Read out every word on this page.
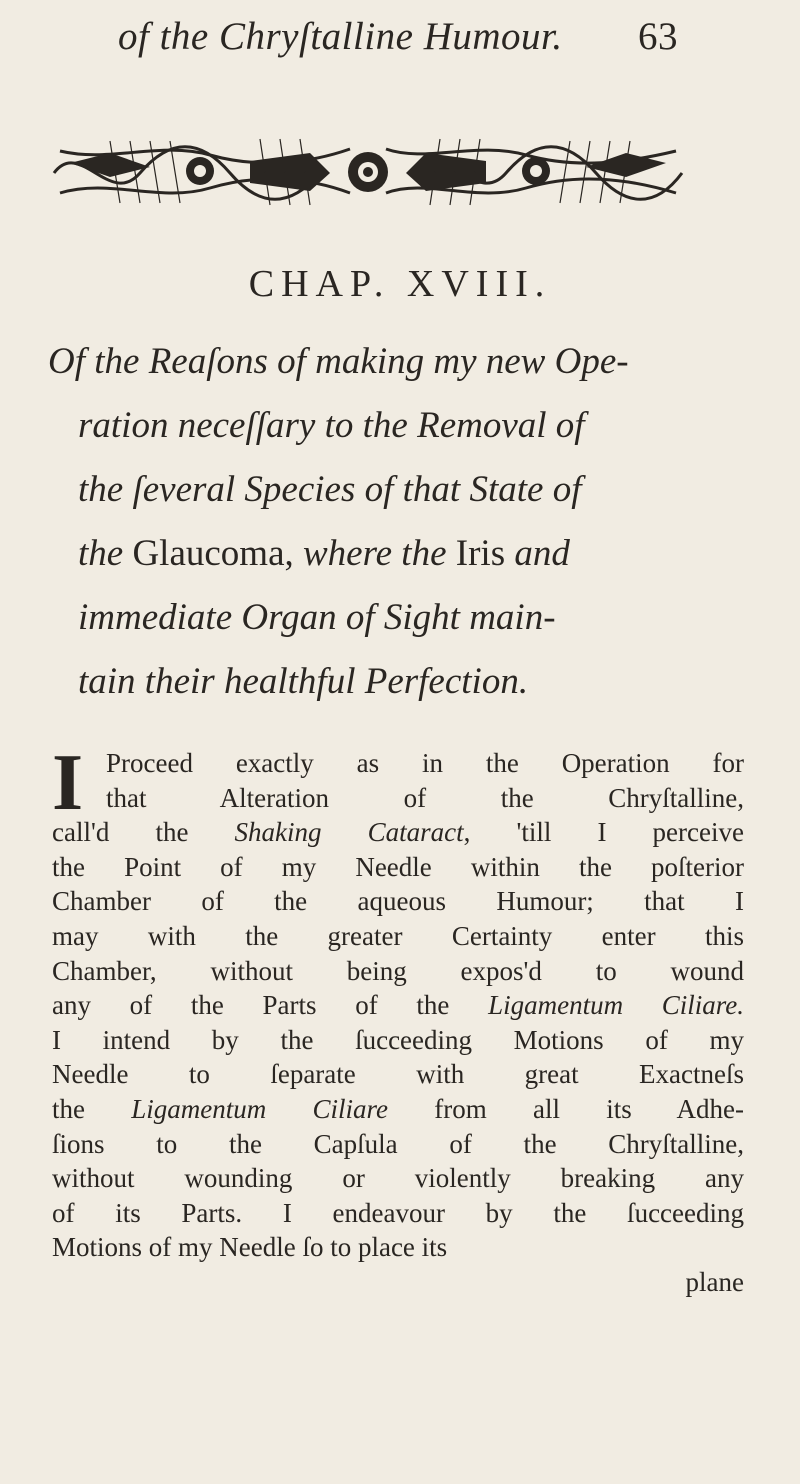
of the Chryſtalline Humour. 63
CHAP. XVIII.
Of the Reaſons of making my new Ope-
ration neceſſary to the Removal of
the ſeveral Species of that State of
the Glaucoma, where the Iris and
immediate Organ of Sight main-
tain their healthful Perfection.
I Proceed exactly as in the Operation for
that Alteration of the Chryſtalline,
call'd the Shaking Cataract, 'till I perceive
the Point of my Needle within the poſterior
Chamber of the aqueous Humour; that I
may with the greater Certainty enter this
Chamber, without being expos'd to wound
any of the Parts of the Ligamentum Ciliare.
I intend by the ſucceeding Motions of my
Needle to ſeparate with great Exactneſs
the Ligamentum Ciliare from all its Adhe-
ſions to the Capſula of the Chryſtalline,
without wounding or violently breaking any
of its Parts. I endeavour by the ſucceeding
Motions of my Needle ſo to place its
plane
